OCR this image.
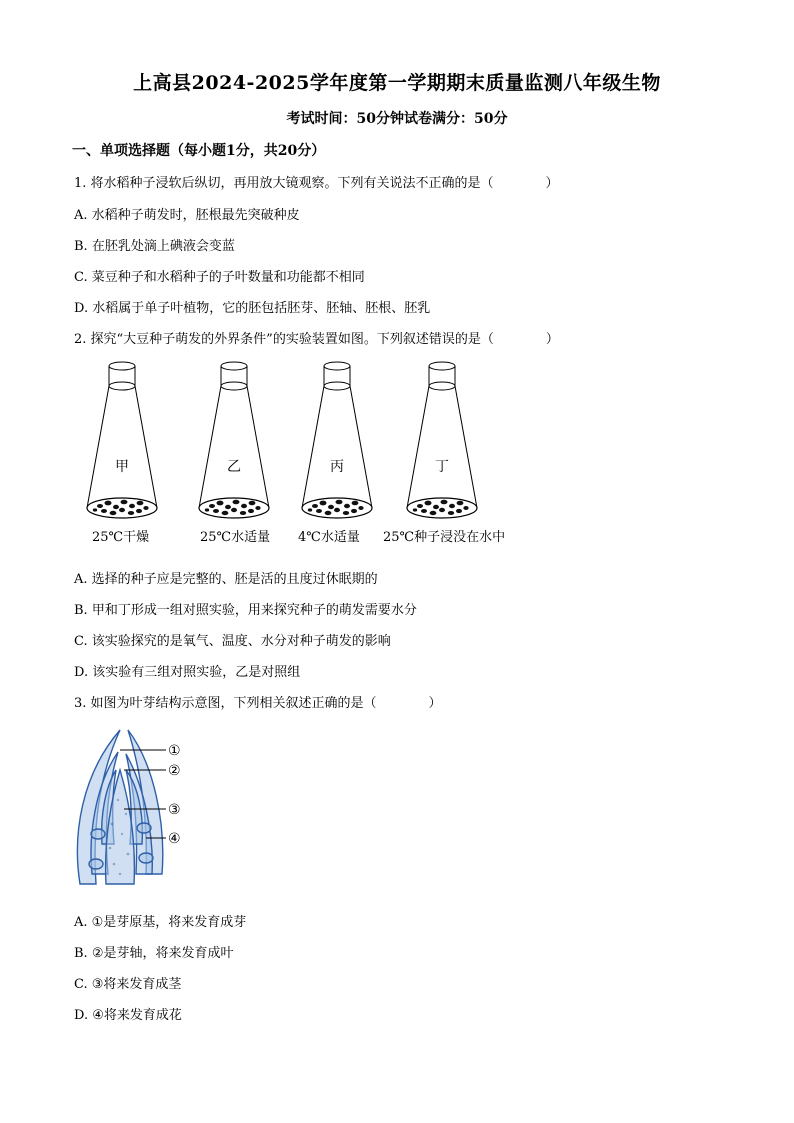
上高县2024-2025学年度第一学期期末质量监测八年级生物
考试时间：50分钟试卷满分：50分
一、单项选择题（每小题1分，共20分）
1. 将水稻种子浸软后纵切，再用放大镜观察。下列有关说法不正确的是（	）
A. 水稻种子萌发时，胚根最先突破种皮
B. 在胚乳处滴上碘液会变蓝
C. 菜豆种子和水稻种子的子叶数量和功能都不相同
D. 水稻属于单子叶植物，它的胚包括胚芽、胚轴、胚根、胚乳
2. 探究“大豆种子萌发的外界条件”的实验装置如图。下列叙述错误的是（	）
甲	乙	丙	丁
25℃干燥	25℃水适量 4℃水适量 25℃种子浸没在水中
A. 选择的种子应是完整的、胚是活的且度过休眠期的
B. 甲和丁形成一组对照实验，用来探究种子的萌发需要水分
C. 该实验探究的是氧气、温度、水分对种子萌发的影响
D. 该实验有三组对照实验，乙是对照组
3. 如图为叶芽结构示意图，下列相关叙述正确的是（	）
①
②
③
④
A. ①是芽原基，将来发育成芽
B. ②是芽轴，将来发育成叶
C. ③将来发育成茎
D. ④将来发育成花
